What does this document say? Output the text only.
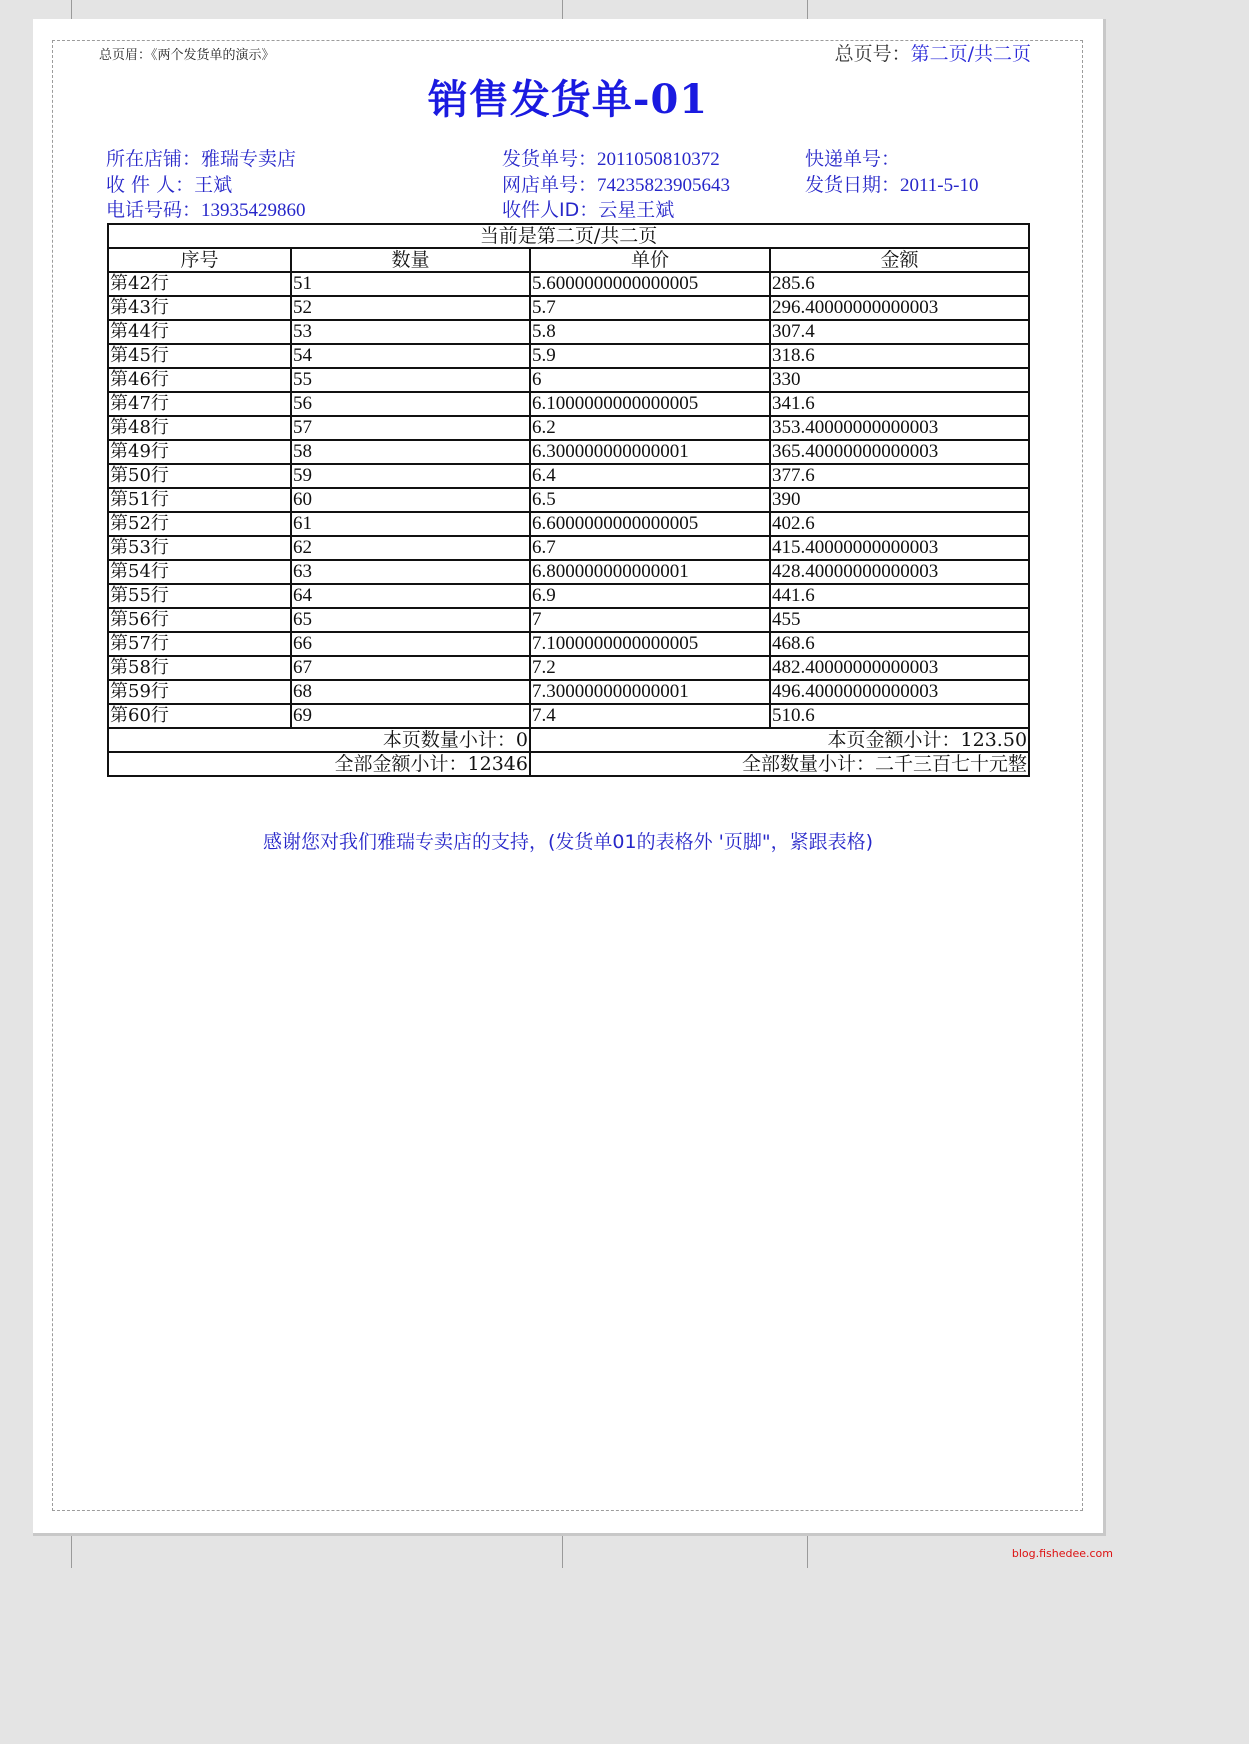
总页眉：《两个发货单的演示》	总页号：第二页/共二页
销售发货单-01
所在店铺：雅瑞专卖店
收 件 人：王斌
电话号码：13935429860
发货单号：2011050810372
网店单号：74235823905643
收件人ID：云星王斌
快递单号：
发货日期：2011-5-10
当前是第二页/共二页			
序号	数量	单价	金额
第42行	51	5.6000000000000005	285.6
第43行	52	5.7	296.40000000000003
第44行	53	5.8	307.4
第45行	54	5.9	318.6
第46行	55	6	330
第47行	56	6.1000000000000005	341.6
第48行	57	6.2	353.40000000000003
第49行	58	6.300000000000001	365.40000000000003
第50行	59	6.4	377.6
第51行	60	6.5	390
第52行	61	6.6000000000000005	402.6
第53行	62	6.7	415.40000000000003
第54行	63	6.800000000000001	428.40000000000003
第55行	64	6.9	441.6
第56行	65	7	455
第57行	66	7.1000000000000005	468.6
第58行	67	7.2	482.40000000000003
第59行	68	7.300000000000001	496.40000000000003
第60行	69	7.4	510.6
本页数量小计：0		本页金额小计：123.50	
全部金额小计：12346		全部数量小计：二千三百七十元整	
感谢您对我们雅瑞专卖店的支持，(发货单01的表格外 '页脚"，紧跟表格)
blog.fishedee.com
